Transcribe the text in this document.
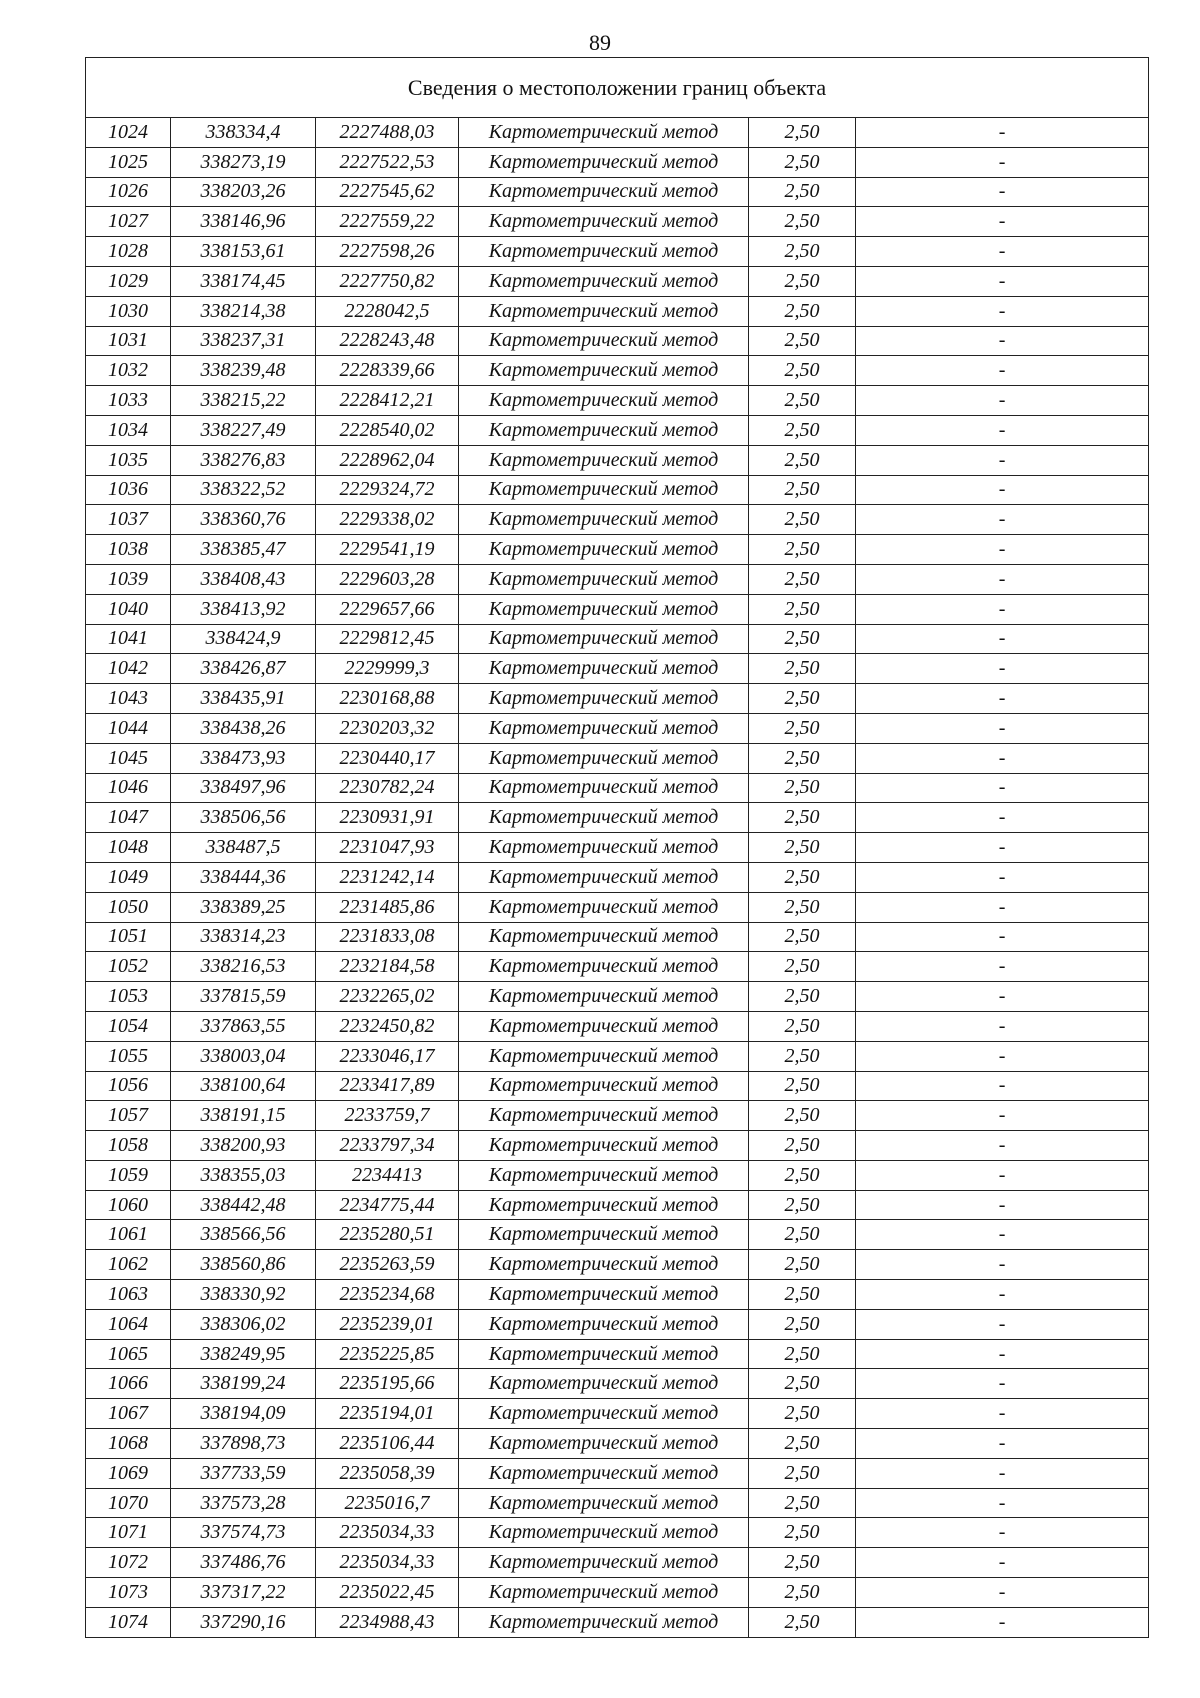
89
Сведения о местоположении границ объекта					
1024	338334,4	2227488,03	Картометрический метод	2,50	-
1025	338273,19	2227522,53	Картометрический метод	2,50	-
1026	338203,26	2227545,62	Картометрический метод	2,50	-
1027	338146,96	2227559,22	Картометрический метод	2,50	-
1028	338153,61	2227598,26	Картометрический метод	2,50	-
1029	338174,45	2227750,82	Картометрический метод	2,50	-
1030	338214,38	2228042,5	Картометрический метод	2,50	-
1031	338237,31	2228243,48	Картометрический метод	2,50	-
1032	338239,48	2228339,66	Картометрический метод	2,50	-
1033	338215,22	2228412,21	Картометрический метод	2,50	-
1034	338227,49	2228540,02	Картометрический метод	2,50	-
1035	338276,83	2228962,04	Картометрический метод	2,50	-
1036	338322,52	2229324,72	Картометрический метод	2,50	-
1037	338360,76	2229338,02	Картометрический метод	2,50	-
1038	338385,47	2229541,19	Картометрический метод	2,50	-
1039	338408,43	2229603,28	Картометрический метод	2,50	-
1040	338413,92	2229657,66	Картометрический метод	2,50	-
1041	338424,9	2229812,45	Картометрический метод	2,50	-
1042	338426,87	2229999,3	Картометрический метод	2,50	-
1043	338435,91	2230168,88	Картометрический метод	2,50	-
1044	338438,26	2230203,32	Картометрический метод	2,50	-
1045	338473,93	2230440,17	Картометрический метод	2,50	-
1046	338497,96	2230782,24	Картометрический метод	2,50	-
1047	338506,56	2230931,91	Картометрический метод	2,50	-
1048	338487,5	2231047,93	Картометрический метод	2,50	-
1049	338444,36	2231242,14	Картометрический метод	2,50	-
1050	338389,25	2231485,86	Картометрический метод	2,50	-
1051	338314,23	2231833,08	Картометрический метод	2,50	-
1052	338216,53	2232184,58	Картометрический метод	2,50	-
1053	337815,59	2232265,02	Картометрический метод	2,50	-
1054	337863,55	2232450,82	Картометрический метод	2,50	-
1055	338003,04	2233046,17	Картометрический метод	2,50	-
1056	338100,64	2233417,89	Картометрический метод	2,50	-
1057	338191,15	2233759,7	Картометрический метод	2,50	-
1058	338200,93	2233797,34	Картометрический метод	2,50	-
1059	338355,03	2234413	Картометрический метод	2,50	-
1060	338442,48	2234775,44	Картометрический метод	2,50	-
1061	338566,56	2235280,51	Картометрический метод	2,50	-
1062	338560,86	2235263,59	Картометрический метод	2,50	-
1063	338330,92	2235234,68	Картометрический метод	2,50	-
1064	338306,02	2235239,01	Картометрический метод	2,50	-
1065	338249,95	2235225,85	Картометрический метод	2,50	-
1066	338199,24	2235195,66	Картометрический метод	2,50	-
1067	338194,09	2235194,01	Картометрический метод	2,50	-
1068	337898,73	2235106,44	Картометрический метод	2,50	-
1069	337733,59	2235058,39	Картометрический метод	2,50	-
1070	337573,28	2235016,7	Картометрический метод	2,50	-
1071	337574,73	2235034,33	Картометрический метод	2,50	-
1072	337486,76	2235034,33	Картометрический метод	2,50	-
1073	337317,22	2235022,45	Картометрический метод	2,50	-
1074	337290,16	2234988,43	Картометрический метод	2,50	-
